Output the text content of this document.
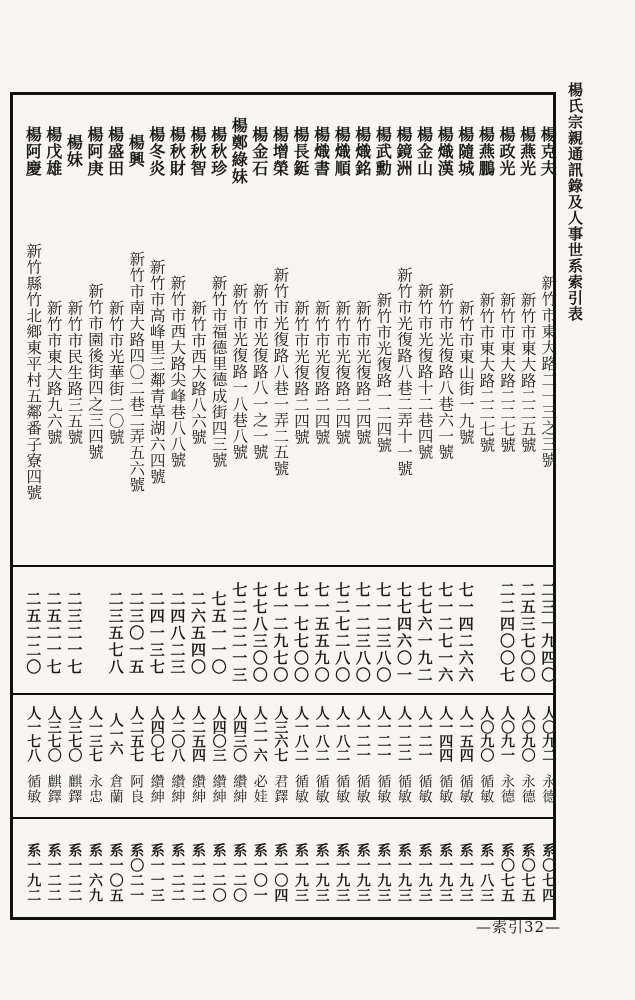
楊氏宗親通訊錄及人事世系索引表
楊克夫
新竹市東大路二一三之三號
二三一九四〇
人〇九二
永德
系〇七四
楊燕光
新竹市東大路二二五號
二五三七〇〇
人〇九〇
永德
系〇七五
楊政光
新竹市東大路二二七號
二二四〇〇七
人〇九一
永德
系〇七五
楊燕鵬
新竹市東大路二二七號
人〇九〇
循敏
系一八三
楊隨城
新竹市東山街一九號
七一四二六六
人一五四
循敏
系一九三
楊熾漢
新竹市光復路八巷六一號
七一二七一六
人一四四
循敏
系一九三
楊金山
新竹市光復路十二巷四號
七七六一九二
人一二一
循敏
系一九三
楊鏡洲
新竹市光復路八巷二弄十一號
七七四六〇一
人一二二
循敏
系一九三
楊武勳
新竹市光復路一二四號
七一二三八〇
人一二一
循敏
系一九三
楊熾銘
新竹市光復路二四號
七一二三八〇
人一二一
循敏
系一九三
楊熾順
新竹市光復路二四號
七二七二八〇
人一八二
循敏
系一九三
楊熾書
新竹市光復路二四號
七一五五九〇
人一八二
循敏
系一九三
楊長鋌
新竹市光復路二四號
七一七七〇〇
人一八二
循敏
系一九三
楊增榮
新竹市光復路八巷一弄二五號
七一二九七〇
人三六七
君鐸
系一〇四
楊金石
新竹市光復路八一之一號
七七八三〇〇
人二一六
必娃
系一〇一
楊鄭綠妹
新竹市光復路一八巷八號
七二二二一三
人四三〇
纘紳
系一二〇
楊秋珍
新竹市福德里德成街四三號
七五一一〇
人四〇三
纘紳
系一二〇
楊秋智
新竹市西大路八六號
二六五四〇
人二五四
纘紳
系一二二
楊秋財
新竹市西大路尖峰巷八八號
二四八二三
人二〇八
纘紳
系一二二
楊冬炎
新竹市高峰里三鄰青草湖六四號
二四一三七
人四〇七
纘紳
系一一三
楊興
新竹市南大路四〇二巷二弄五六號
二三〇一五
人二五七
阿良
系〇二一
楊盛田
新竹市光華街二〇號
二三五七八
人一六
倉蘭
系一〇五
楊阿庚
新竹市園後街四之三四號
人一三七
永忠
系一六九
楊妹
新竹市民生路三五號
二三二一七
人三七〇
麒鐸
系一二二
楊戊雄
新竹市東大路九六號
二五二一七
人三七〇
麒鐸
系一二二
楊阿慶
新竹縣竹北鄉東平村五鄰番子寮四號
二五二二〇
人一七八
循敏
系一九二
—索引32—
